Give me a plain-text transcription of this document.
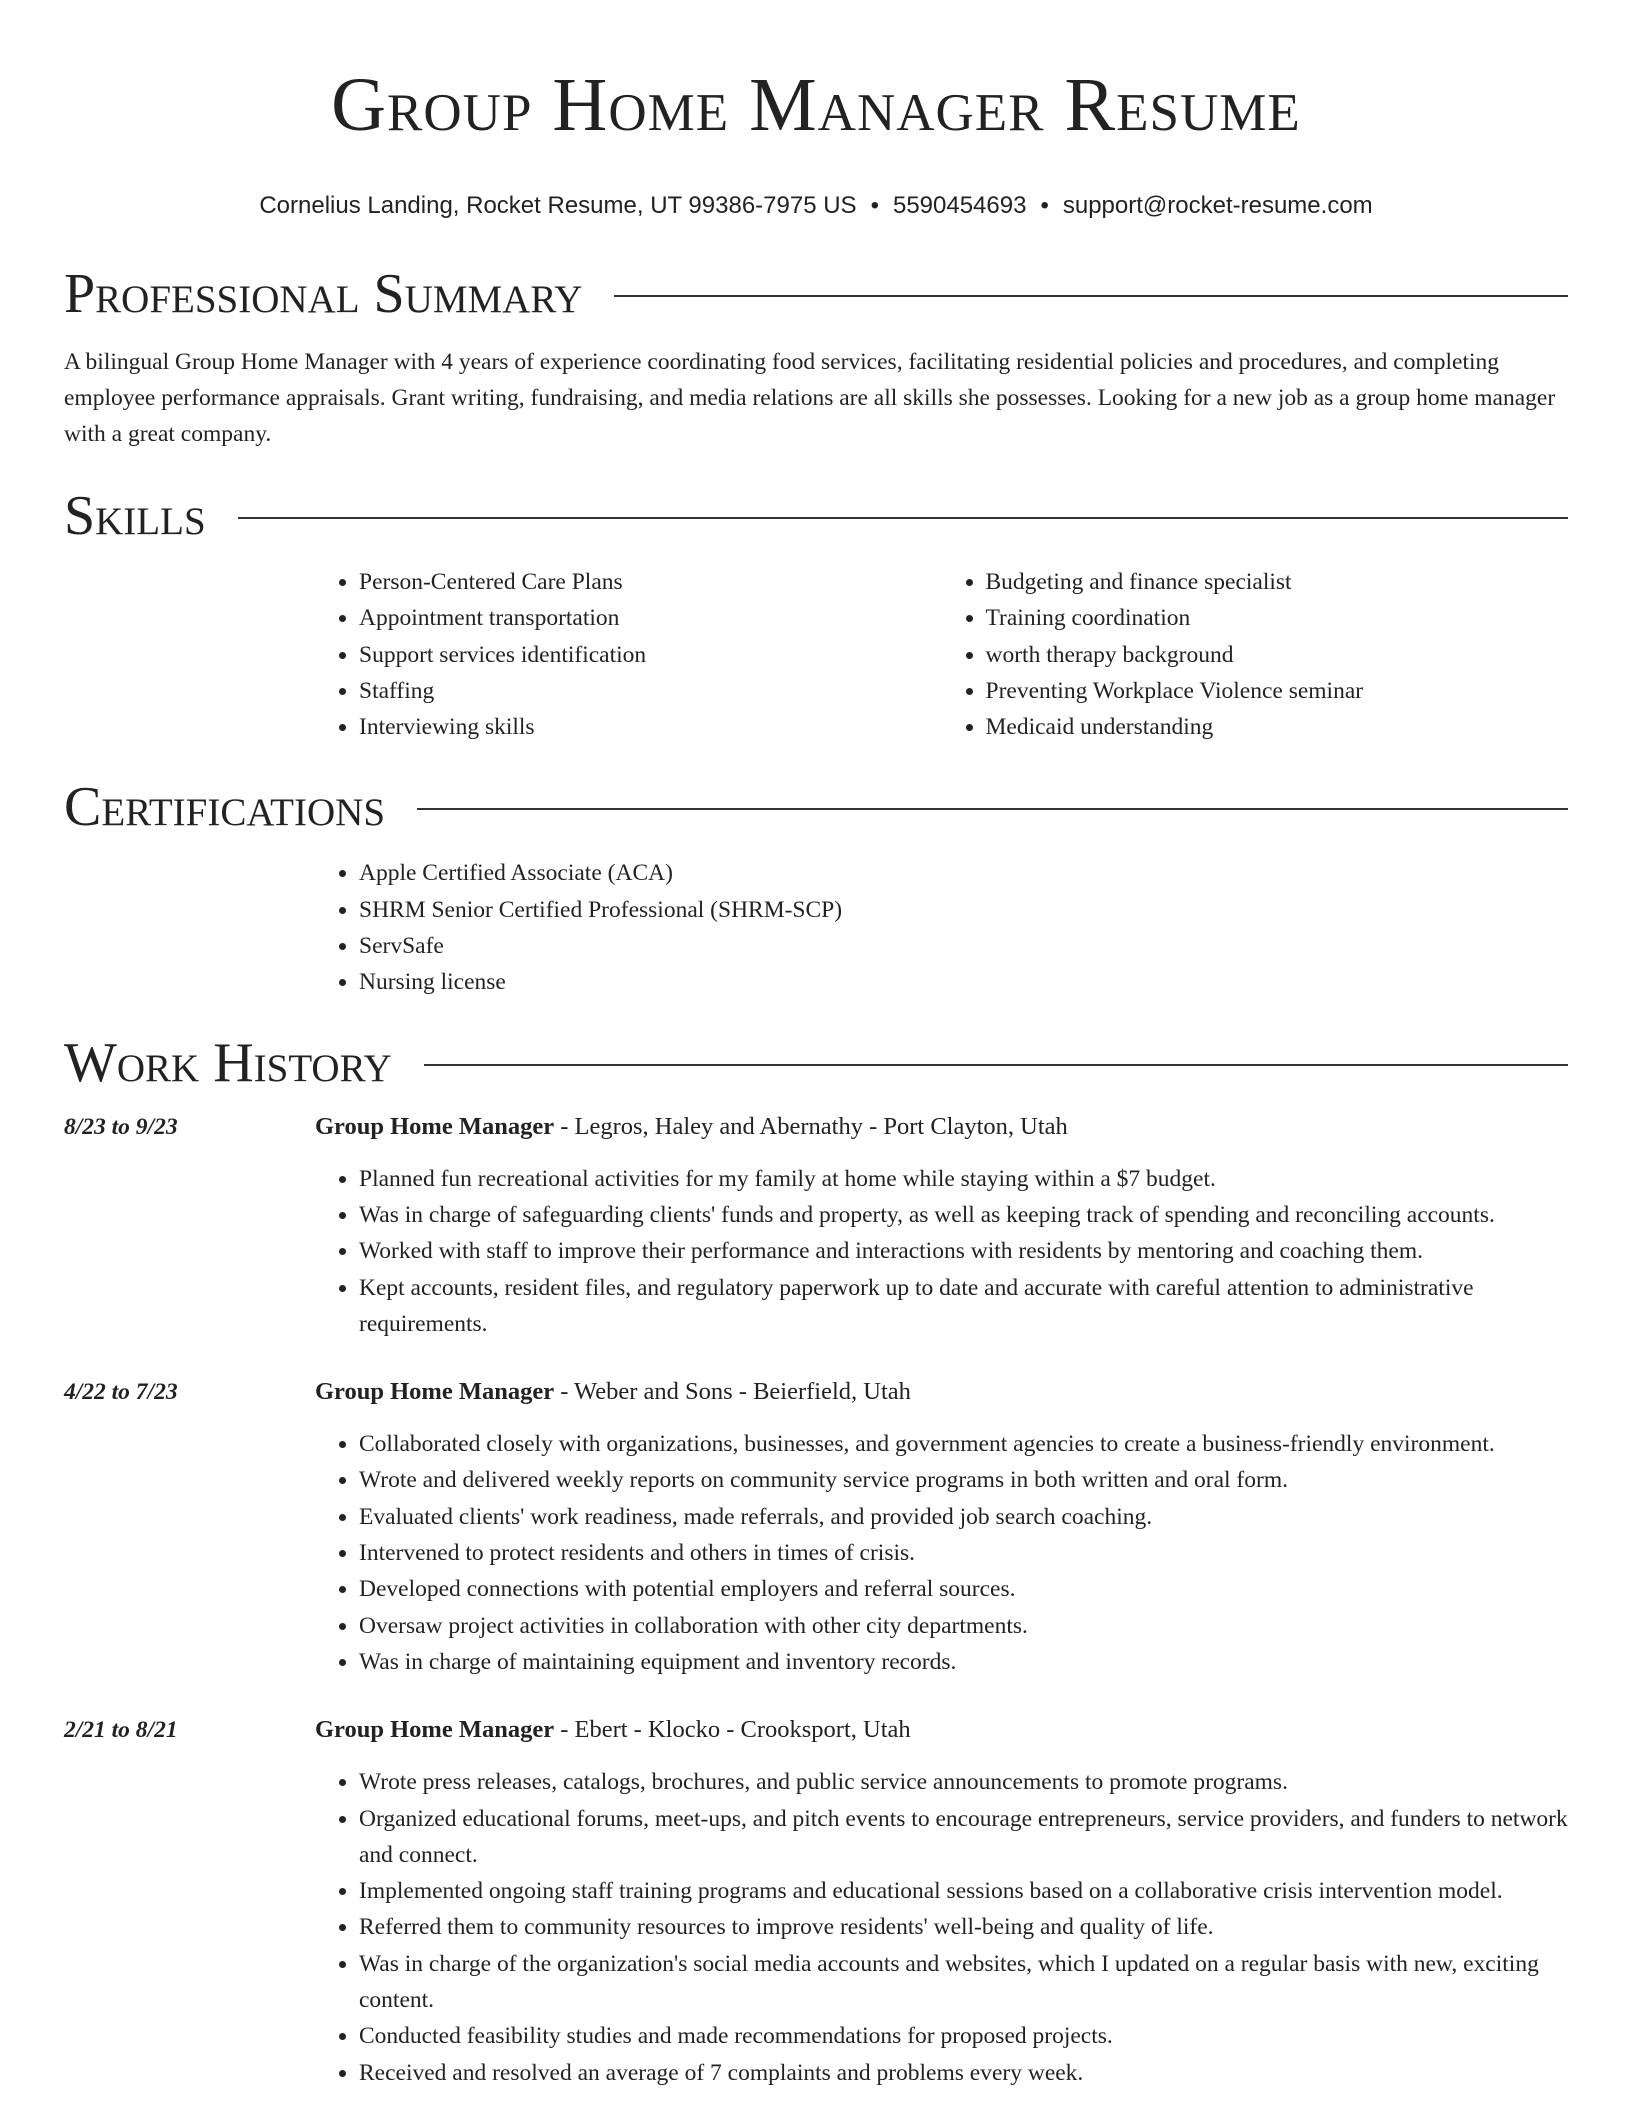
Group Home Manager Resume
Cornelius Landing, Rocket Resume, UT 99386-7975 US • 5590454693 • support@rocket-resume.com
Professional Summary

A bilingual Group Home Manager with 4 years of experience coordinating food services, facilitating residential policies and procedures, and completing employee performance appraisals. Grant writing, fundraising, and media relations are all skills she possesses. Looking for a new job as a group home manager with a great company.

Skills
• Person-Centered Care Plans
• Appointment transportation
• Support services identification
• Staffing
• Interviewing skills
• Budgeting and finance specialist
• Training coordination
• worth therapy background
• Preventing Workplace Violence seminar
• Medicaid understanding
Certifications
• Apple Certified Associate (ACA)
• SHRM Senior Certified Professional (SHRM-SCP)
• ServSafe
• Nursing license
Work History
8/23 to 9/23	Group Home Manager - Legros, Haley and Abernathy - Port Clayton, Utah
• Planned fun recreational activities for my family at home while staying within a $7 budget.
• Was in charge of safeguarding clients' funds and property, as well as keeping track of spending and reconciling accounts.
• Worked with staff to improve their performance and interactions with residents by mentoring and coaching them.
• Kept accounts, resident files, and regulatory paperwork up to date and accurate with careful attention to administrative requirements.
4/22 to 7/23	Group Home Manager - Weber and Sons - Beierfield, Utah
• Collaborated closely with organizations, businesses, and government agencies to create a business-friendly environment.
• Wrote and delivered weekly reports on community service programs in both written and oral form.
• Evaluated clients' work readiness, made referrals, and provided job search coaching.
• Intervened to protect residents and others in times of crisis.
• Developed connections with potential employers and referral sources.
• Oversaw project activities in collaboration with other city departments.
• Was in charge of maintaining equipment and inventory records.
2/21 to 8/21	Group Home Manager - Ebert - Klocko - Crooksport, Utah
• Wrote press releases, catalogs, brochures, and public service announcements to promote programs.
• Organized educational forums, meet-ups, and pitch events to encourage entrepreneurs, service providers, and funders to network and connect.
• Implemented ongoing staff training programs and educational sessions based on a collaborative crisis intervention model.
• Referred them to community resources to improve residents' well-being and quality of life.
• Was in charge of the organization's social media accounts and websites, which I updated on a regular basis with new, exciting content.
• Conducted feasibility studies and made recommendations for proposed projects.
• Received and resolved an average of 7 complaints and problems every week.
